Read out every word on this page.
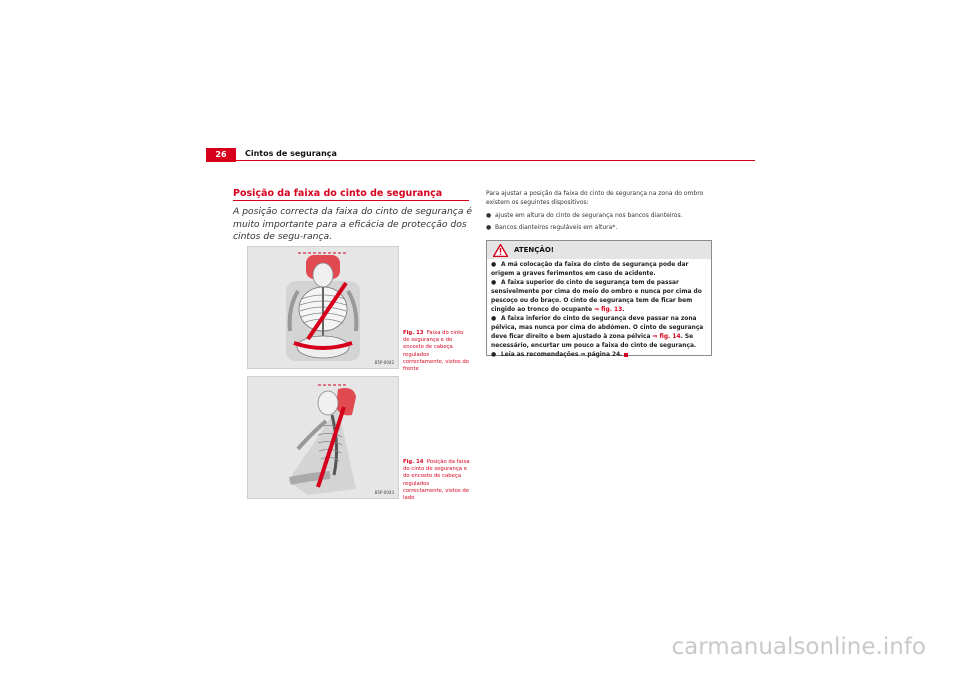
26	Cintos de segurança
Posição da faixa do cinto de segurança
A posição correcta da faixa do cinto de segurança é muito importante para a eficácia de protecção dos cintos de segu-rança.
B5P-0042
Fig. 13 Faixa do cinto de segurança e do encosto de cabeça regulados correctamente, vistos de frente
B5P-0043
Fig. 14 Posição da faixa do cinto de segurança e do encosto de cabeça regulados correctamente, vistos de lado
Para ajustar a posição da faixa do cinto de segurança na zona do ombro existem os seguintes dispositivos:
● ajuste em altura do cinto de segurança nos bancos dianteiros.
● Bancos dianteiros reguláveis em altura*.
ATENÇÃO!

● A má colocação da faixa do cinto de segurança pode dar origem a graves ferimentos em caso de acidente.

● A faixa superior do cinto de segurança tem de passar sensivelmente por cima do meio do ombro e nunca por cima do pescoço ou do braço. O cinto de segurança tem de ficar bem cingido ao tronco do ocupante ⇒ fig. 13.

● A faixa inferior do cinto de segurança deve passar na zona pélvica, mas nunca por cima do abdómen. O cinto de segurança deve ficar direito e bem ajustado à zona pélvica ⇒ fig. 14. Se necessário, encurtar um pouco a faixa do cinto de segurança.

● Leia as recomendações ⇒ página 24.

carmanualsonline.info
